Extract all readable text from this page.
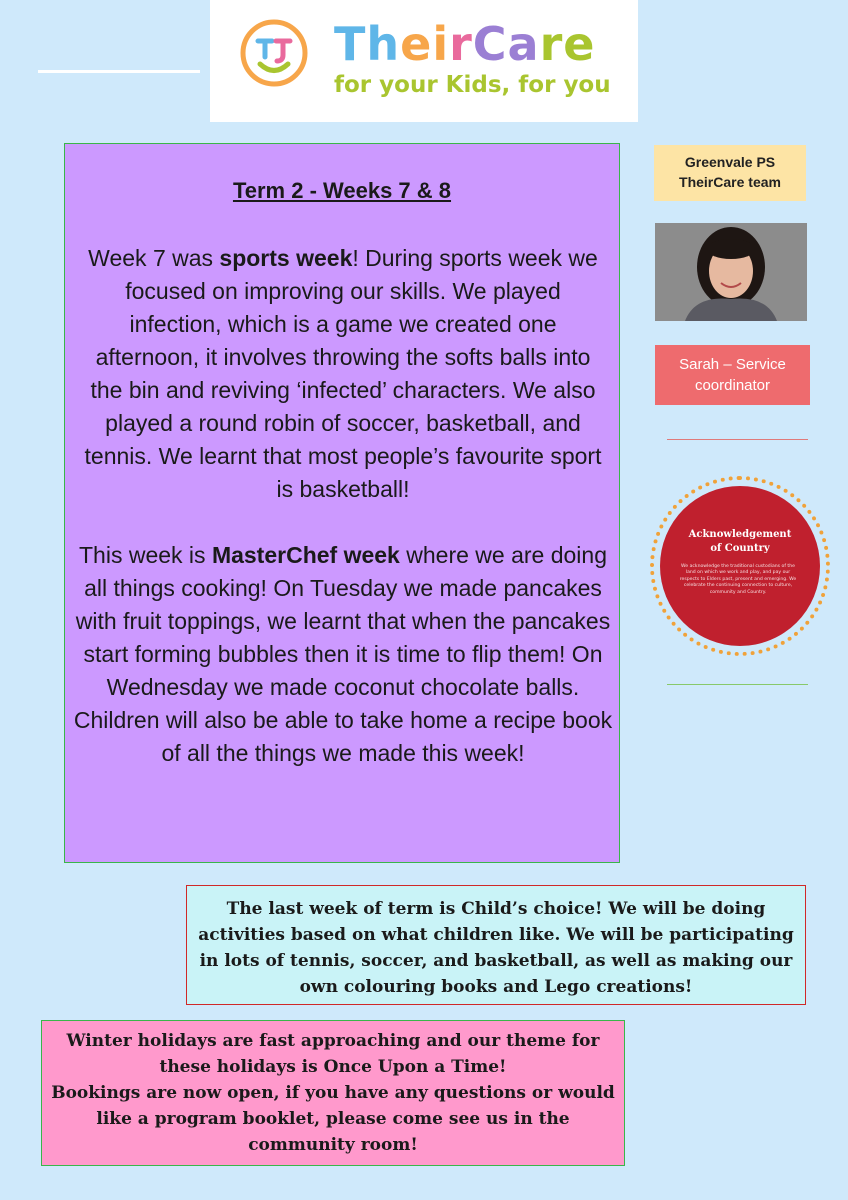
TheirCare
for your Kids, for you
Term 2 - Weeks 7 & 8
Week 7 was sports week! During sports week we focused on improving our skills. We played infection, which is a game we created one afternoon, it involves throwing the softs balls into the bin and reviving ‘infected’ characters. We also played a round robin of soccer, basketball, and tennis. We learnt that most people’s favourite sport is basketball!
This week is MasterChef week where we are doing all things cooking! On Tuesday we made pancakes with fruit toppings, we learnt that when the pancakes start forming bubbles then it is time to flip them! On Wednesday we made coconut chocolate balls. Children will also be able to take home a recipe book of all the things we made this week!
Greenvale PS
TheirCare team
Sarah – Service
coordinator
Acknowledgement
of Country
We acknowledge the traditional custodians of the land on which we work and play, and pay our respects to Elders past, present and emerging. We celebrate the continuing connection to culture, community and Country.
The last week of term is Child’s choice! We will be doing activities based on what children like. We will be participating in lots of tennis, soccer, and basketball, as well as making our own colouring books and Lego creations!
Winter holidays are fast approaching and our theme for these holidays is Once Upon a Time!
Bookings are now open, if you have any questions or would like a program booklet, please come see us in the community room!
